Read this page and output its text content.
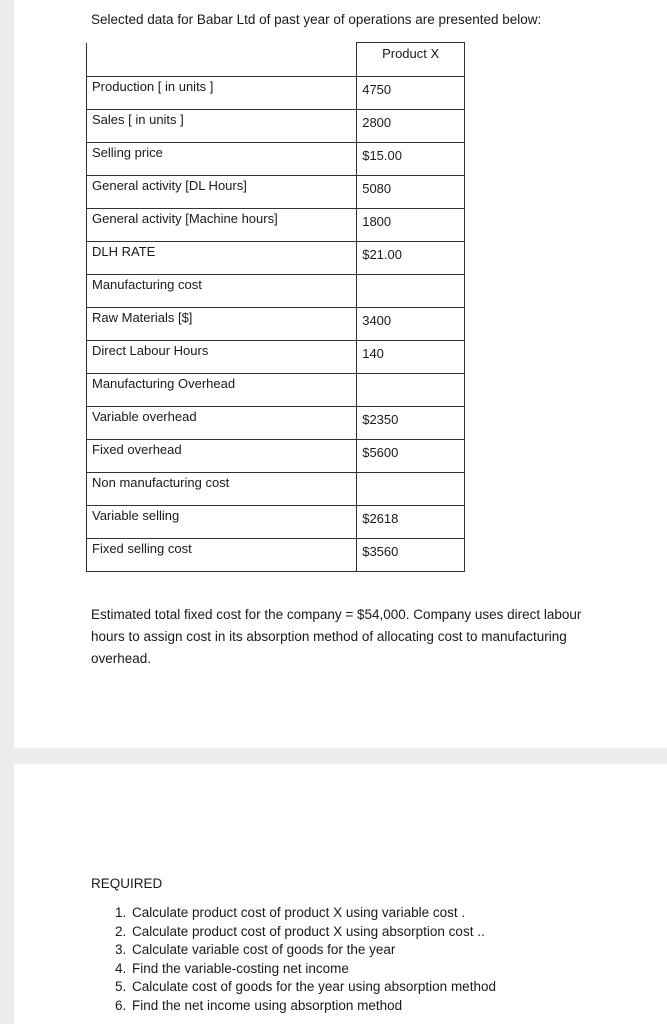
Selected data for Babar Ltd of past year of operations are presented below:
	Product X
Production [ in units ]	4750
Sales [ in units ]	2800
Selling price	$15.00
General activity [DL Hours]	5080
General activity [Machine hours]	1800
DLH RATE	$21.00
Manufacturing cost	
Raw Materials [$]	3400
Direct Labour Hours	140
Manufacturing Overhead	
Variable overhead	$2350
Fixed overhead	$5600
Non manufacturing cost	
Variable selling	$2618
Fixed selling cost	$3560
Estimated total fixed cost for the company = $54,000. Company uses direct labour hours to assign cost in its absorption method of allocating cost to manufacturing overhead.
REQUIRED
1. Calculate product cost of product X using variable cost .
2. Calculate product cost of product X using absorption cost ..
3. Calculate variable cost of goods for the year
4. Find the variable-costing net income
5. Calculate cost of goods for the year using absorption method
6. Find the net income using absorption method
